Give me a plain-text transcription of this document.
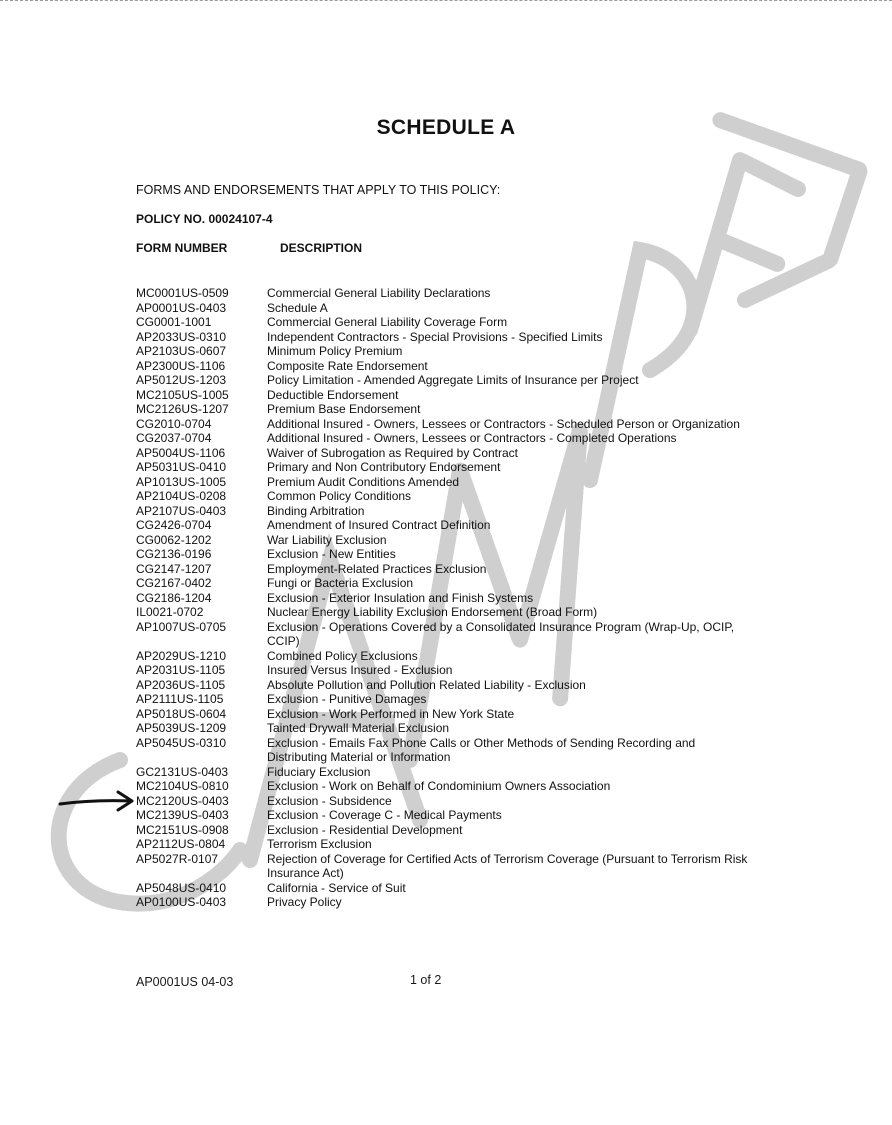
SCHEDULE A
FORMS AND ENDORSEMENTS THAT APPLY TO THIS POLICY:
POLICY NO. 00024107-4
FORM NUMBER	DESCRIPTION
MC0001US-0509	Commercial General Liability Declarations
AP0001US-0403	Schedule A
CG0001-1001	Commercial General Liability Coverage Form
AP2033US-0310	Independent Contractors - Special Provisions - Specified Limits
AP2103US-0607	Minimum Policy Premium
AP2300US-1106	Composite Rate Endorsement
AP5012US-1203	Policy Limitation - Amended Aggregate Limits of Insurance per Project
MC2105US-1005	Deductible Endorsement
MC2126US-1207	Premium Base Endorsement
CG2010-0704	Additional Insured - Owners, Lessees or Contractors - Scheduled Person or Organization
CG2037-0704	Additional Insured - Owners, Lessees or Contractors - Completed Operations
AP5004US-1106	Waiver of Subrogation as Required by Contract
AP5031US-0410	Primary and Non Contributory Endorsement
AP1013US-1005	Premium Audit Conditions Amended
AP2104US-0208	Common Policy Conditions
AP2107US-0403	Binding Arbitration
CG2426-0704	Amendment of Insured Contract Definition
CG0062-1202	War Liability Exclusion
CG2136-0196	Exclusion - New Entities
CG2147-1207	Employment-Related Practices Exclusion
CG2167-0402	Fungi or Bacteria Exclusion
CG2186-1204	Exclusion - Exterior Insulation and Finish Systems
IL0021-0702	Nuclear Energy Liability Exclusion Endorsement (Broad Form)
AP1007US-0705	Exclusion - Operations Covered by a Consolidated Insurance Program (Wrap-Up, OCIP, CCIP)
AP2029US-1210	Combined Policy Exclusions
AP2031US-1105	Insured Versus Insured - Exclusion
AP2036US-1105	Absolute Pollution and Pollution Related Liability - Exclusion
AP2111US-1105	Exclusion - Punitive Damages
AP5018US-0604	Exclusion - Work Performed in New York State
AP5039US-1209	Tainted Drywall Material Exclusion
AP5045US-0310	Exclusion - Emails Fax Phone Calls or Other Methods of Sending Recording and Distributing Material or Information
GC2131US-0403	Fiduciary Exclusion
MC2104US-0810	Exclusion - Work on Behalf of Condominium Owners Association
MC2120US-0403	Exclusion - Subsidence
MC2139US-0403	Exclusion - Coverage C - Medical Payments
MC2151US-0908	Exclusion - Residential Development
AP2112US-0804	Terrorism Exclusion
AP5027R-0107	Rejection of Coverage for Certified Acts of Terrorism Coverage (Pursuant to Terrorism Risk Insurance Act)
AP5048US-0410	California - Service of Suit
AP0100US-0403	Privacy Policy
AP0001US 04-03	1 of 2
